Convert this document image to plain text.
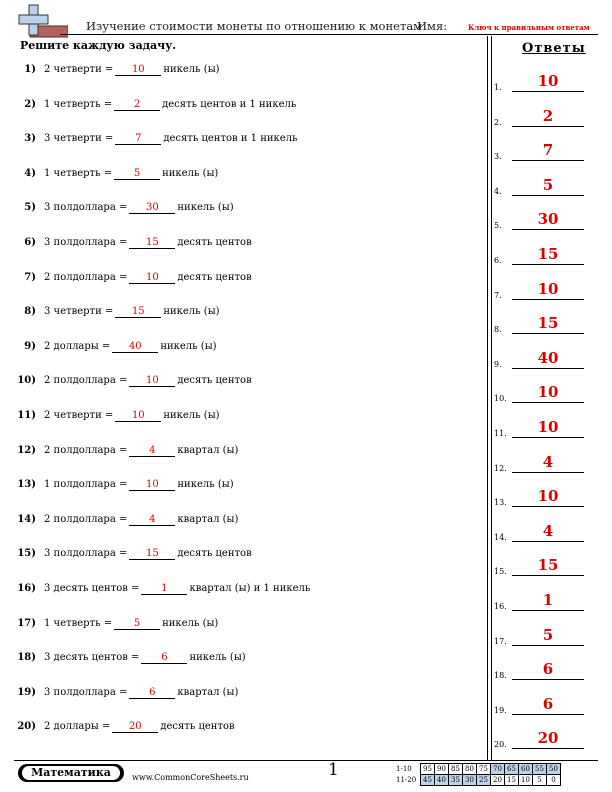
Изучение стоимости монеты по отношению к монетам
Имя:	Ключ к правильным ответам
Решите каждую задачу.	Ответы
1) 2 четверти = 10 никель (ы)
2) 1 четверть = 2 десять центов и 1 никель
3) 3 четверти = 7 десять центов и 1 никель
4) 1 четверть = 5 никель (ы)
5) 3 полдоллара = 30 никель (ы)
6) 3 полдоллара = 15 десять центов
7) 2 полдоллара = 10 десять центов
8) 3 четверти = 15 никель (ы)
9) 2 доллары = 40 никель (ы)
10) 2 полдоллара = 10 десять центов
11) 2 четверти = 10 никель (ы)
12) 2 полдоллара = 4 квартал (ы)
13) 1 полдоллара = 10 никель (ы)
14) 2 полдоллара = 4 квартал (ы)
15) 3 полдоллара = 15 десять центов
16) 3 десять центов = 1 квартал (ы) и 1 никель
17) 1 четверть = 5 никель (ы)
18) 3 десять центов = 6 никель (ы)
19) 3 полдоллара = 6 квартал (ы)
20) 2 доллары = 20 десять центов
1.	10
2.	2
3.	7
4.	5
5.	30
6.	15
7.	10
8.	15
9.	40
10.	10
11.	10
12.	4
13.	10
14.	4
15.	15
16.	1
17.	5
18.	6
19.	6
20.	20
Математика	www.CommonCoreSheets.ru	1	1-10	95	90	85	80	75	70	65	60	55	50
11-20	45	40	35	30	25	20	15	10	5	0
